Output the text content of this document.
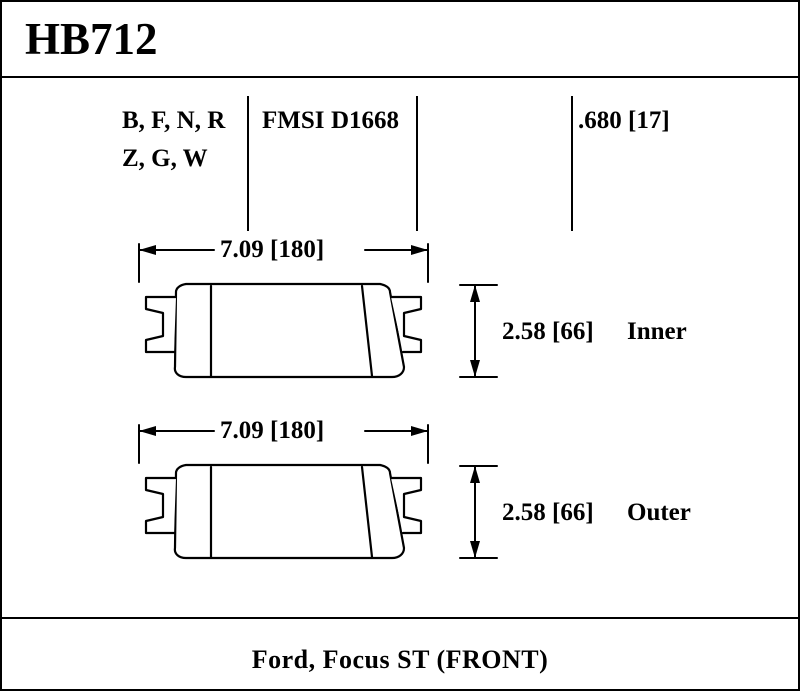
HB712
B, F, N, R
Z, G, W
FMSI D1668	.680 [17]
7.09 [180]
2.58 [66] Inner
7.09 [180]
2.58 [66] Outer
Ford, Focus ST (FRONT)
